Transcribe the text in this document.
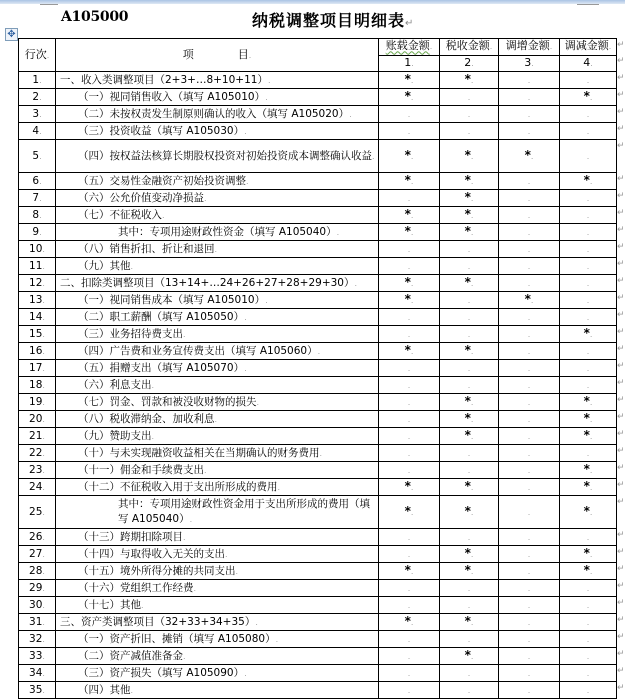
A105000	纳税调整项目明细表↵
✥
行次.	项　　　　目.	账载金额.	税收金额.	调增金额.	调减金额.
		1.	2.	3.	4.
1.	一、收入类调整项目（2+3+…8+10+11）.	*.	*.	.	.
2.	（一）视同销售收入（填写 A105010）.	*.	.	.	*.
3.	（二）未按权责发生制原则确认的收入（填写 A105020）.	.	.	.	.
4.	（三）投资收益（填写 A105030）.	.	.	.	.
5.	（四）按权益法核算长期股权投资对初始投资成本调整确认收益.	*.	*.	*.	.
6.	（五）交易性金融资产初始投资调整.	*.	*.	.	*.
7.	（六）公允价值变动净损益.	.	*.	.	.
8.	（七）不征税收入.	*.	*.	.	.
9.	其中：专项用途财政性资金（填写 A105040）.	*.	*.	.	.
10.	（八）销售折扣、折让和退回.	.	.	.	.
11.	（九）其他.	.	.	.	.
12.	二、扣除类调整项目（13+14+…24+26+27+28+29+30）.	*.	*.	.	.
13.	（一）视同销售成本（填写 A105010）.	*.	.	*.	.
14.	（二）职工薪酬（填写 A105050）.	.	.	.	.
15.	（三）业务招待费支出.	.	.	.	*.
16.	（四）广告费和业务宣传费支出（填写 A105060）.	*.	*.	.	.
17.	（五）捐赠支出（填写 A105070）.	.	.	.	.
18.	（六）利息支出.	.	.	.	.
19.	（七）罚金、罚款和被没收财物的损失.	.	*.	.	*.
20.	（八）税收滞纳金、加收利息.	.	*.	.	*.
21.	（九）赞助支出.	.	*.	.	*.
22.	（十）与未实现融资收益相关在当期确认的财务费用.	.	.	.	.
23.	（十一）佣金和手续费支出.	.	.	.	*.
24.	（十二）不征税收入用于支出所形成的费用.	*.	*.	.	*.
25.	其中：专项用途财政性资金用于支出所形成的费用（填写 A105040）.	*.	*.	.	*.
26.	（十三）跨期扣除项目.	.	.	.	.
27.	（十四）与取得收入无关的支出.	.	*.	.	*.
28.	（十五）境外所得分摊的共同支出.	*.	*.	.	*.
29.	（十六）党组织工作经费.	.	.	.	.
30.	（十七）其他.	.	.	.	.
31.	三、资产类调整项目（32+33+34+35）.	*.	*.	.	.
32.	（一）资产折旧、摊销（填写 A105080）.	.	.	.	.
33.	（二）资产减值准备金.	.	*.	.	.
34.	（三）资产损失（填写 A105090）.	.	.	.	.
35.	（四）其他.	.	.	.	.
↵
↵
↵
↵
↵
↵
↵
↵
↵
↵
↵
↵
↵
↵
↵
↵
↵
↵
↵
↵
↵
↵
↵
↵
↵
↵
↵
↵
↵
↵
↵
↵
↵
↵
↵
↵
↵
